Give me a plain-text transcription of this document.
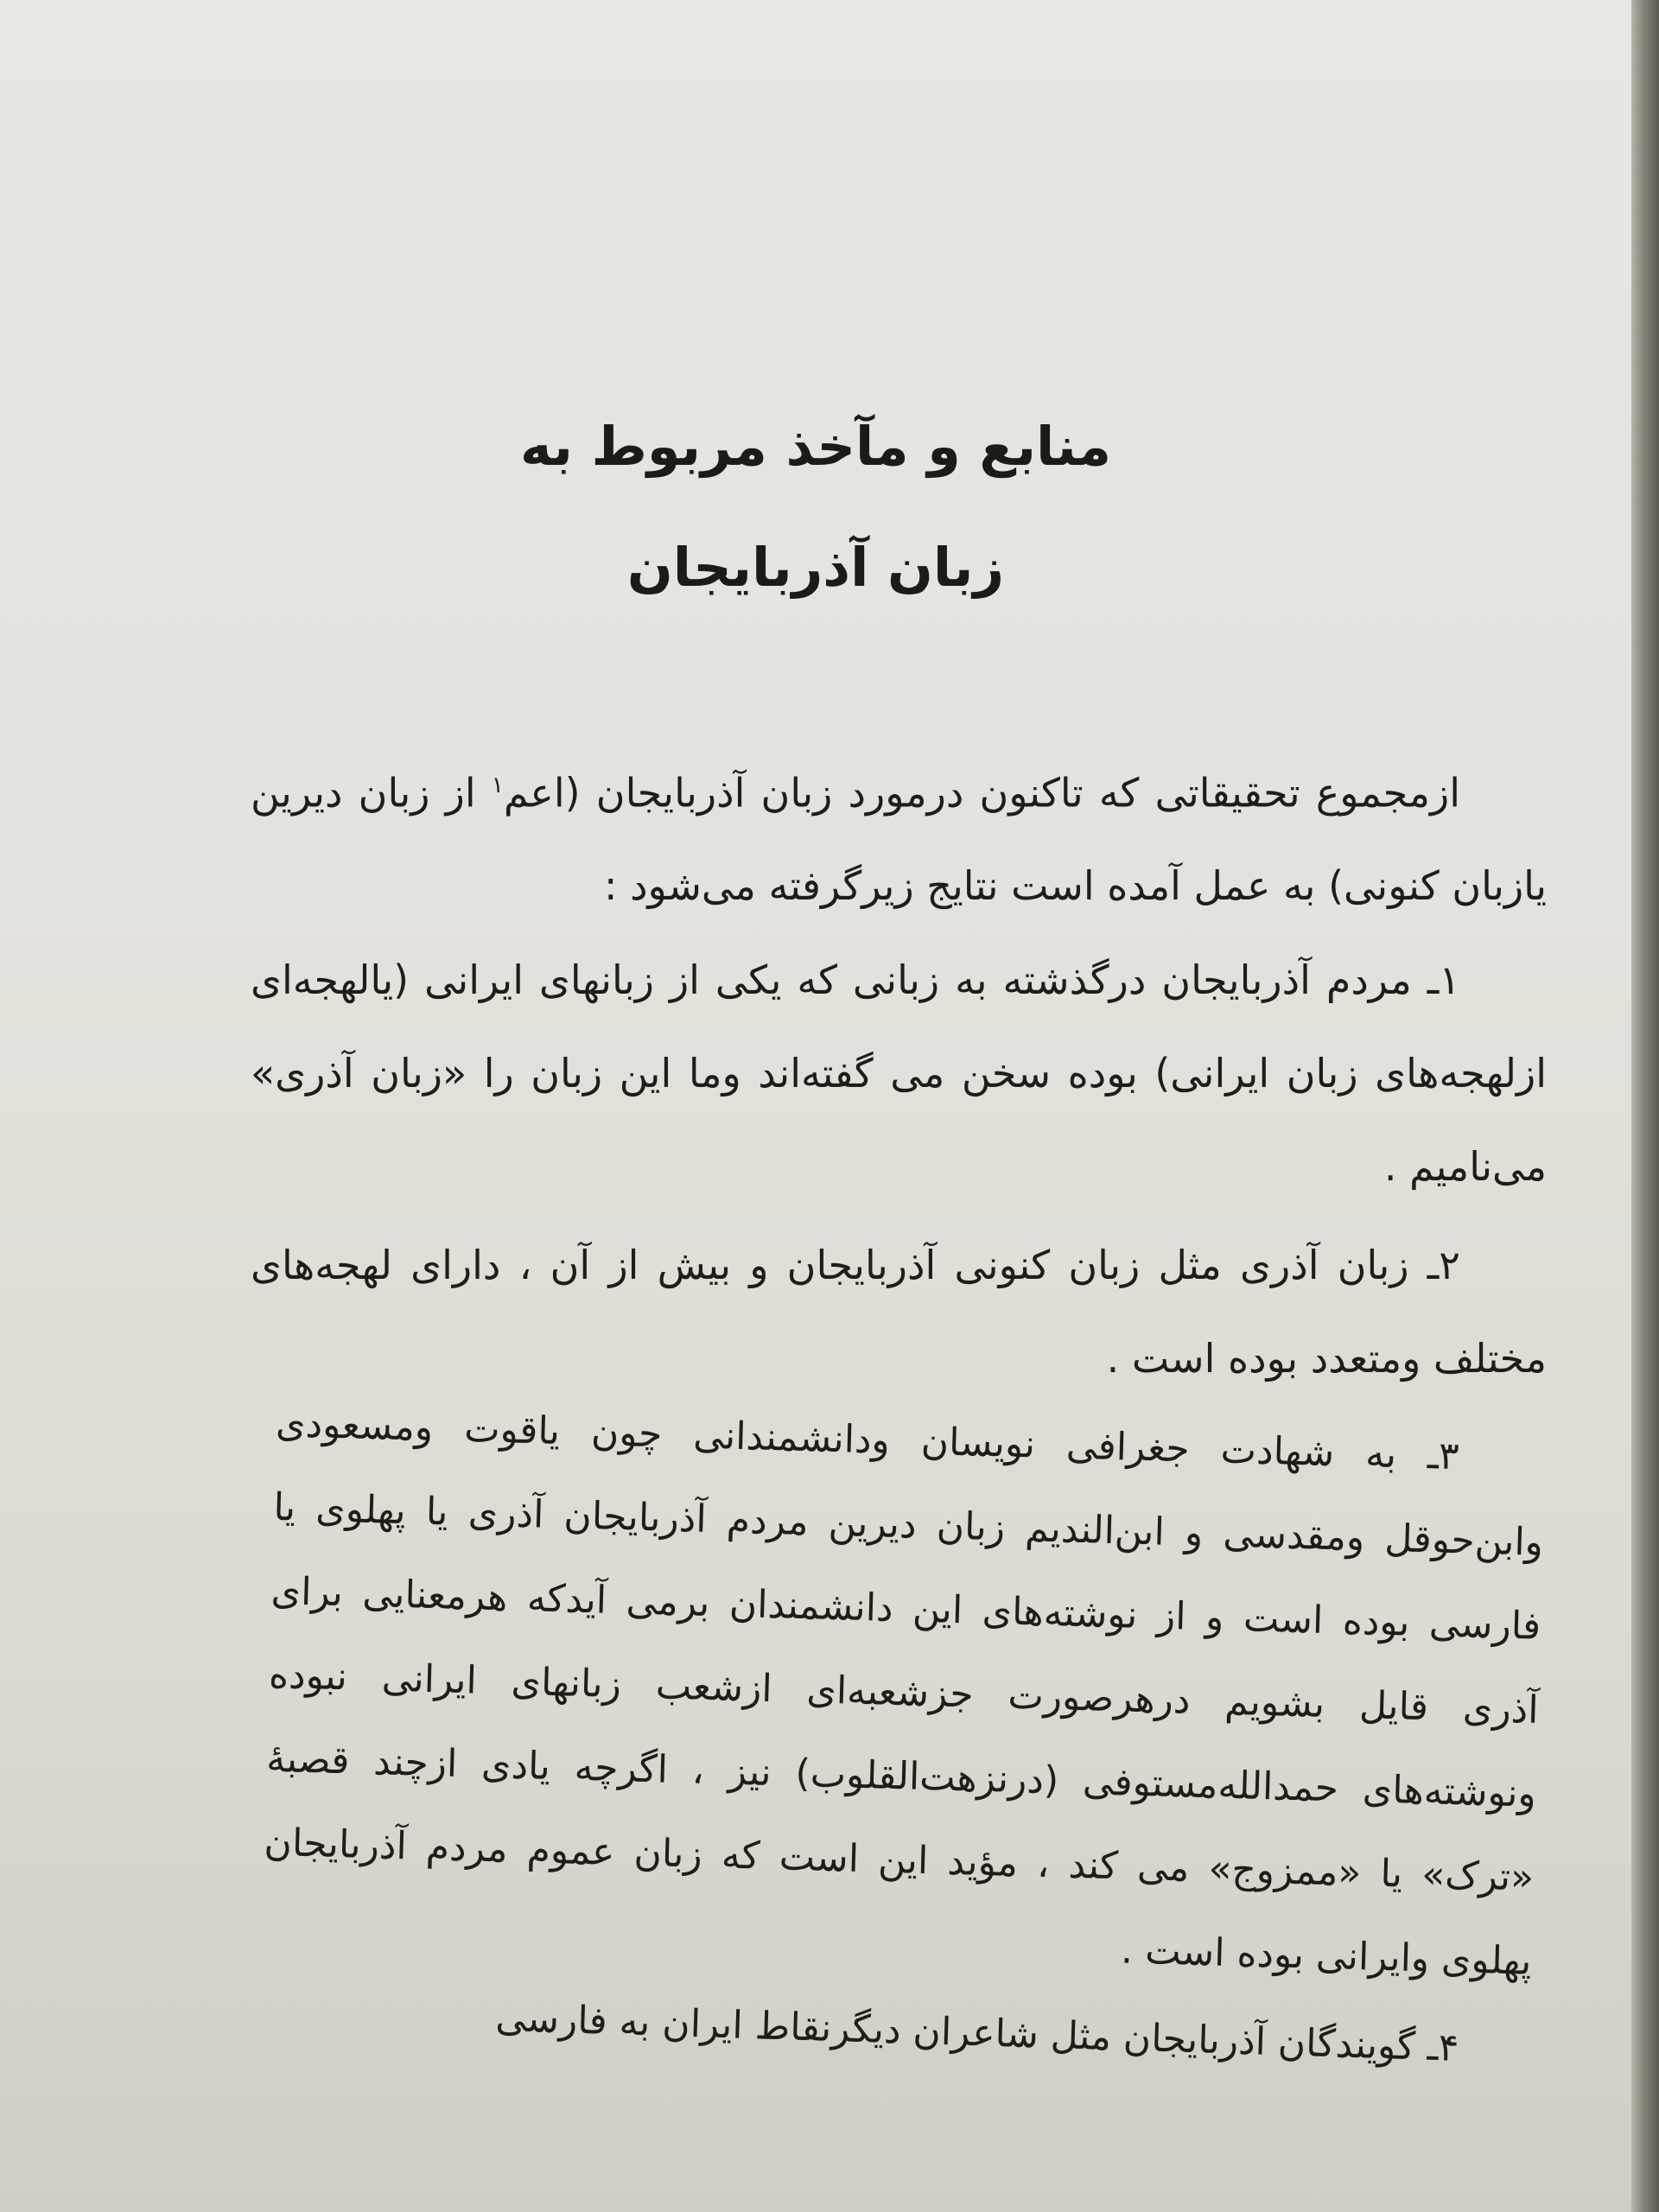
منابع و مآخذ مربوط به
زبان آذربایجان

ازمجموع تحقیقاتی که تاکنون درمورد زبان آذربایجان (اعم$^۱$ از زبان دیرین یازبان کنونی) به عمل آمده است نتایج زیرگرفته می‌شود :

۱ـ مردم آذربایجان درگذشته به زبانی که یکی از زبانهای ایرانی (یالهجه‌ای ازلهجه‌های زبان ایرانی) بوده سخن می گفته‌اند وما این زبان را «زبان آذری» می‌نامیم .

۲ـ زبان آذری مثل زبان کنونی آذربایجان و بیش از آن ، دارای لهجه‌های مختلف ومتعدد بوده است .

۳ـ به شهادت جغرافی نویسان ودانشمندانی چون یاقوت ومسعودی وابن‌حوقل ومقدسی و ابن‌الندیم زبان دیرین مردم آذربایجان آذری یا پهلوی یا فارسی بوده است و از نوشته‌های این دانشمندان برمی آیدکه هرمعنایی برای آذری قایل بشویم درهرصورت جزشعبه‌ای ازشعب زبانهای ایرانی نبوده ونوشته‌های حمدالله‌مستوفی (درنزهت‌القلوب) نیز ، اگرچه یادی ازچند قصبهٔ «ترک» یا «ممزوج» می کند ، مؤید این است که زبان عموم مردم آذربایجان پهلوی وایرانی بوده است .

۴ـ گویندگان آذربایجان مثل شاعران دیگرنقاط ایران به فارسی
